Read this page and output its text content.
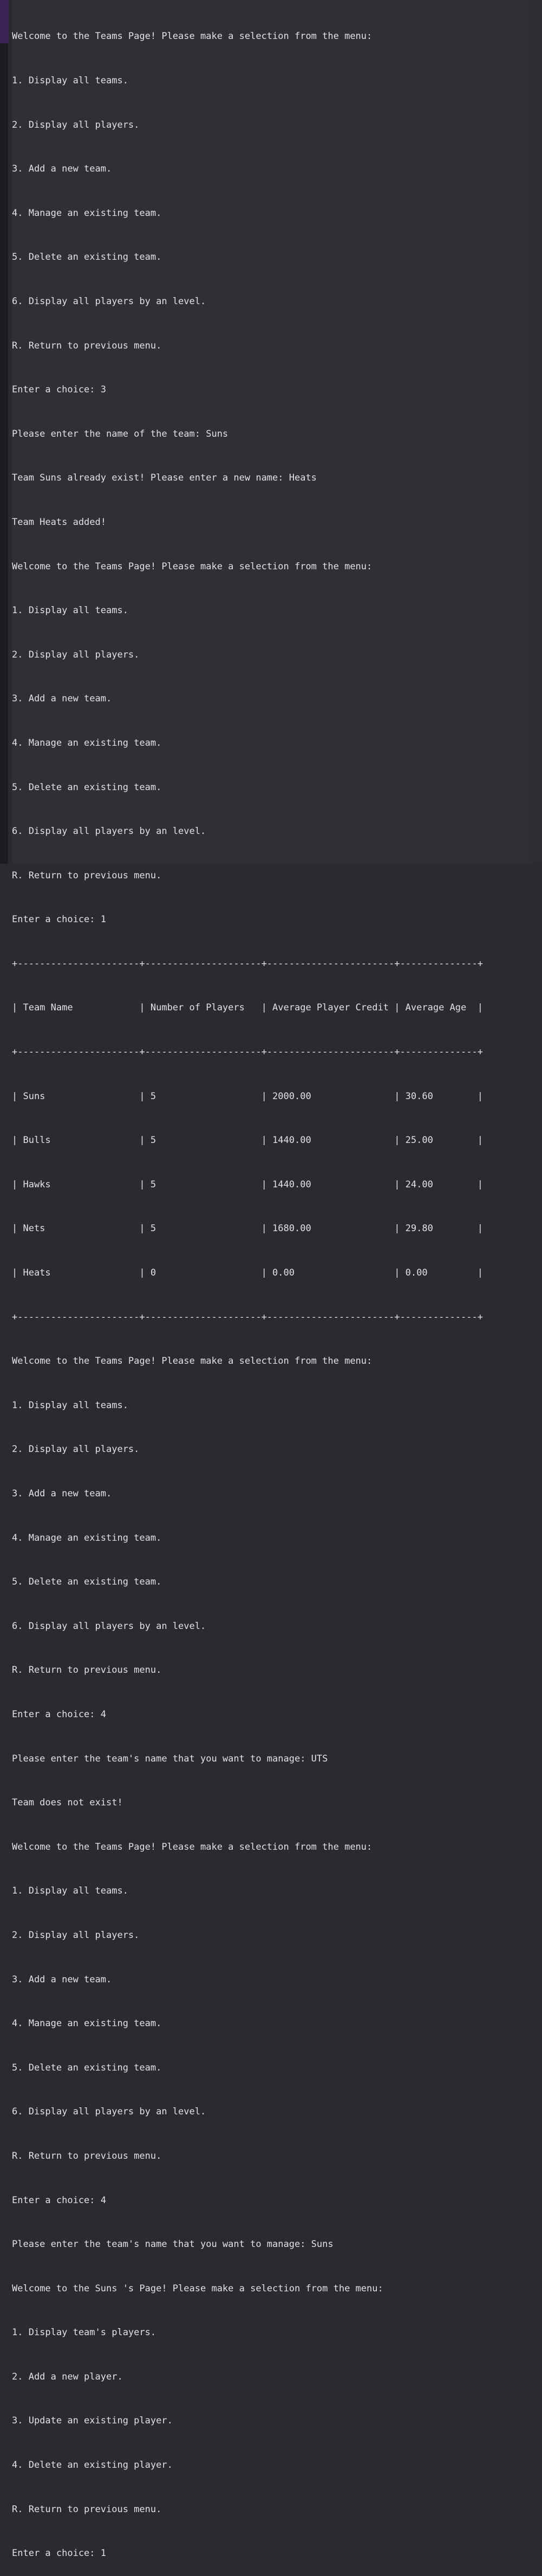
Welcome to the Teams Page! Please make a selection from the menu:

1. Display all teams.

2. Display all players.

3. Add a new team.

4. Manage an existing team.

5. Delete an existing team.

6. Display all players by an level.

R. Return to previous menu.

Enter a choice: 3

Please enter the name of the team: Suns

Team Suns already exist! Please enter a new name: Heats

Team Heats added!

Welcome to the Teams Page! Please make a selection from the menu:

1. Display all teams.

2. Display all players.

3. Add a new team.

4. Manage an existing team.

5. Delete an existing team.

6. Display all players by an level.

R. Return to previous menu.

Enter a choice: 1

+----------------------+---------------------+-----------------------+--------------+

| Team Name            | Number of Players   | Average Player Credit | Average Age  |

+----------------------+---------------------+-----------------------+--------------+

| Suns                 | 5                   | 2000.00               | 30.60        |

| Bulls                | 5                   | 1440.00               | 25.00        |

| Hawks                | 5                   | 1440.00               | 24.00        |

| Nets                 | 5                   | 1680.00               | 29.80        |

| Heats                | 0                   | 0.00                  | 0.00         |

+----------------------+---------------------+-----------------------+--------------+

Welcome to the Teams Page! Please make a selection from the menu:

1. Display all teams.

2. Display all players.

3. Add a new team.

4. Manage an existing team.

5. Delete an existing team.

6. Display all players by an level.

R. Return to previous menu.

Enter a choice: 4

Please enter the team's name that you want to manage: UTS

Team does not exist!

Welcome to the Teams Page! Please make a selection from the menu:

1. Display all teams.

2. Display all players.

3. Add a new team.

4. Manage an existing team.

5. Delete an existing team.

6. Display all players by an level.

R. Return to previous menu.

Enter a choice: 4

Please enter the team's name that you want to manage: Suns

Welcome to the Suns 's Page! Please make a selection from the menu:

1. Display team's players.

2. Add a new player.

3. Update an existing player.

4. Delete an existing player.

R. Return to previous menu.

Enter a choice: 1
